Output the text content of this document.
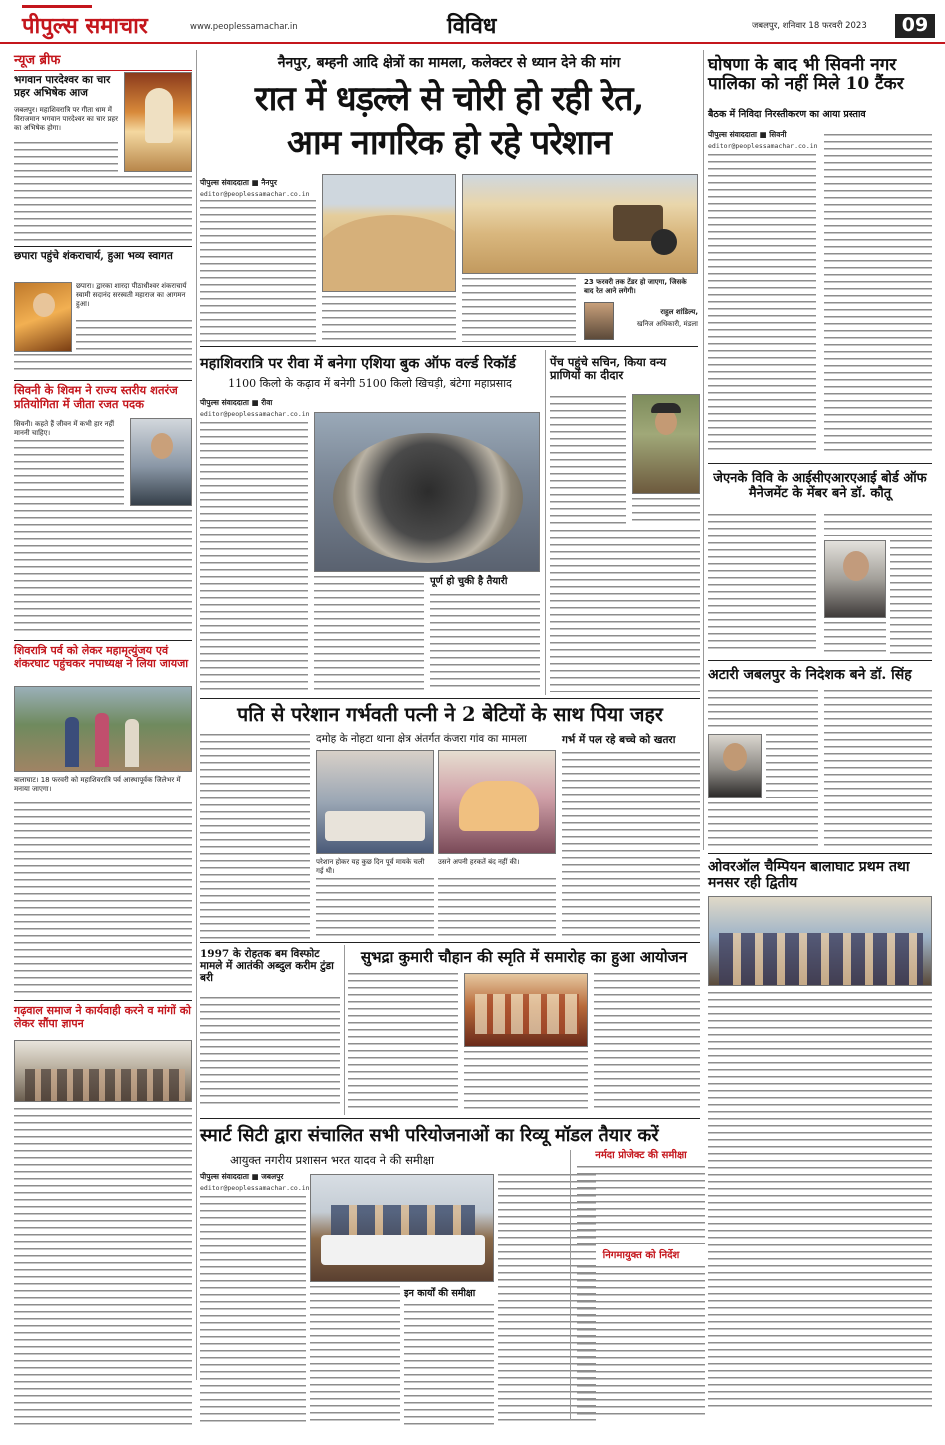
पीपुल्स समाचार	www.peoplessamachar.in	विविध	जबलपुर, शनिवार 18 फरवरी 2023	09
न्यूज ब्रीफ
भगवान पारदेश्वर का चार प्रहर अभिषेक आज
जबलपुर। महाशिवरात्रि पर गीता धाम में विराजमान भगवान पारदेश्वर का चार प्रहर का अभिषेक होगा।
छपारा पहुंचे शंकराचार्य, हुआ भव्य स्वागत
छपारा। द्वारका शारदा पीठाधीश्वर शंकराचार्य स्वामी सदानंद सरस्वती महाराज का आगमन हुआ।
सिवनी के शिवम ने राज्य स्तरीय शतरंज प्रतियोगिता में जीता रजत पदक
सिवनी। कहते हैं जीवन में कभी हार नहीं माननी चाहिए।
शिवरात्रि पर्व को लेकर महामृत्युंजय एवं शंकरघाट पहुंचकर नपाध्यक्ष ने लिया जायजा
बालाघाट। 18 फरवरी को महाशिवरात्रि पर्व आस्थापूर्वक जिलेभर में मनाया जाएगा।
गढ़वाल समाज ने कार्यवाही करने व मांगों को लेकर सौंपा ज्ञापन
नैनपुर, बम्हनी आदि क्षेत्रों का मामला, कलेक्टर से ध्यान देने की मांग
रात में धड़ल्ले से चोरी हो रही रेत,
आम नागरिक हो रहे परेशान
पीपुल्स संवाददाता ■ नैनपुर
editor@peoplessamachar.co.in
23 फरवरी तक टेंडर हो जाएगा, जिसके बाद रेत आने लगेगी।
राहुल शांडिल्य,
खनिज अधिकारी, मंडला
घोषणा के बाद भी सिवनी नगर पालिका को नहीं मिले 10 टैंकर
बैठक में निविदा निरस्तीकरण का आया प्रस्ताव
पीपुल्स संवाददाता ■ सिवनी
editor@peoplessamachar.co.in
महाशिवरात्रि पर रीवा में बनेगा एशिया बुक ऑफ वर्ल्ड रिकॉर्ड
1100 किलो के कढ़ाव में बनेगी 5100 किलो खिचड़ी, बंटेगा महाप्रसाद
पीपुल्स संवाददाता ■ रीवा
editor@peoplessamachar.co.in
पूर्ण हो चुकी है तैयारी
पेंच पहुंचे सचिन, किया वन्य प्राणियों का दीदार
जेएनके विवि के आईसीएआरएआई बोर्ड ऑफ मैनेजमेंट के मेंबर बने डॉ. कौतू
अटारी जबलपुर के निदेशक बने डॉ. सिंह
पति से परेशान गर्भवती पत्नी ने 2 बेटियों के साथ पिया जहर
दमोह के नोहटा थाना क्षेत्र अंतर्गत कंजरा गांव का मामला
परेशान होकर यह कुछ दिन पूर्व मायके चली गई थी।
उसने अपनी हरकतें बंद नहीं की।
गर्भ में पल रहे बच्चे को खतरा
1997 के रोहतक बम विस्फोट मामले में आतंकी अब्दुल करीम टुंडा बरी
सुभद्रा कुमारी चौहान की स्मृति में समारोह का हुआ आयोजन
ओवरऑल चैम्पियन बालाघाट प्रथम तथा मनसर रही द्वितीय
स्मार्ट सिटी द्वारा संचालित सभी परियोजनाओं का रिव्यू मॉडल तैयार करें
आयुक्त नगरीय प्रशासन भरत यादव ने की समीक्षा
पीपुल्स संवाददाता ■ जबलपुर
editor@peoplessamachar.co.in
इन कार्यों की समीक्षा
नर्मदा प्रोजेक्ट की समीक्षा
निगमायुक्त को निर्देश
